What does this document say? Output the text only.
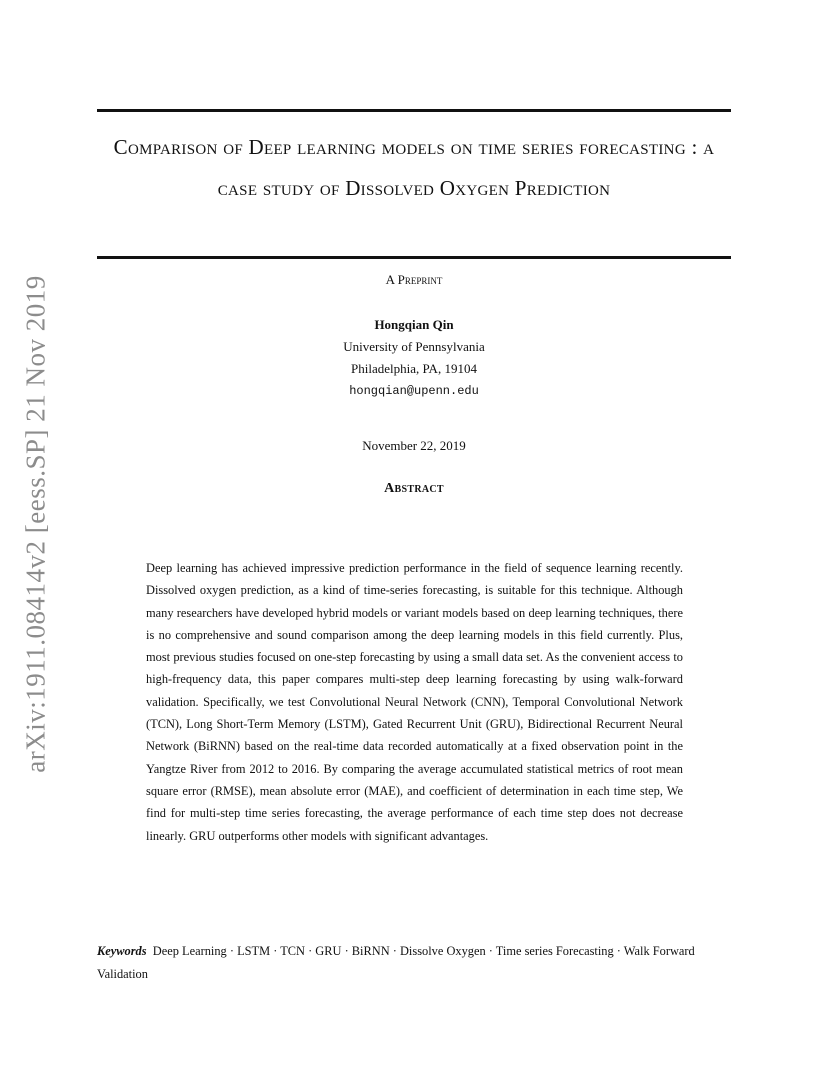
arXiv:1911.08414v2 [eess.SP] 21 Nov 2019
Comparison of Deep learning models on time series forecasting : a case study of Dissolved Oxygen Prediction
A Preprint
Hongqian Qin
University of Pennsylvania
Philadelphia, PA, 19104
hongqian@upenn.edu
November 22, 2019
Abstract

Deep learning has achieved impressive prediction performance in the field of sequence learning recently. Dissolved oxygen prediction, as a kind of time-series forecasting, is suitable for this technique. Although many researchers have developed hybrid models or variant models based on deep learning techniques, there is no comprehensive and sound comparison among the deep learning models in this field currently. Plus, most previous studies focused on one-step forecasting by using a small data set. As the convenient access to high-frequency data, this paper compares multi-step deep learning forecasting by using walk-forward validation. Specifically, we test Convolutional Neural Network (CNN), Temporal Convolutional Network (TCN), Long Short-Term Memory (LSTM), Gated Recurrent Unit (GRU), Bidirectional Recurrent Neural Network (BiRNN) based on the real-time data recorded automatically at a fixed observation point in the Yangtze River from 2012 to 2016. By comparing the average accumulated statistical metrics of root mean square error (RMSE), mean absolute error (MAE), and coefficient of determination in each time step, We find for multi-step time series forecasting, the average performance of each time step does not decrease linearly. GRU outperforms other models with significant advantages.

Keywords Deep Learning · LSTM · TCN · GRU · BiRNN · Dissolve Oxygen · Time series Forecasting · Walk Forward Validation
